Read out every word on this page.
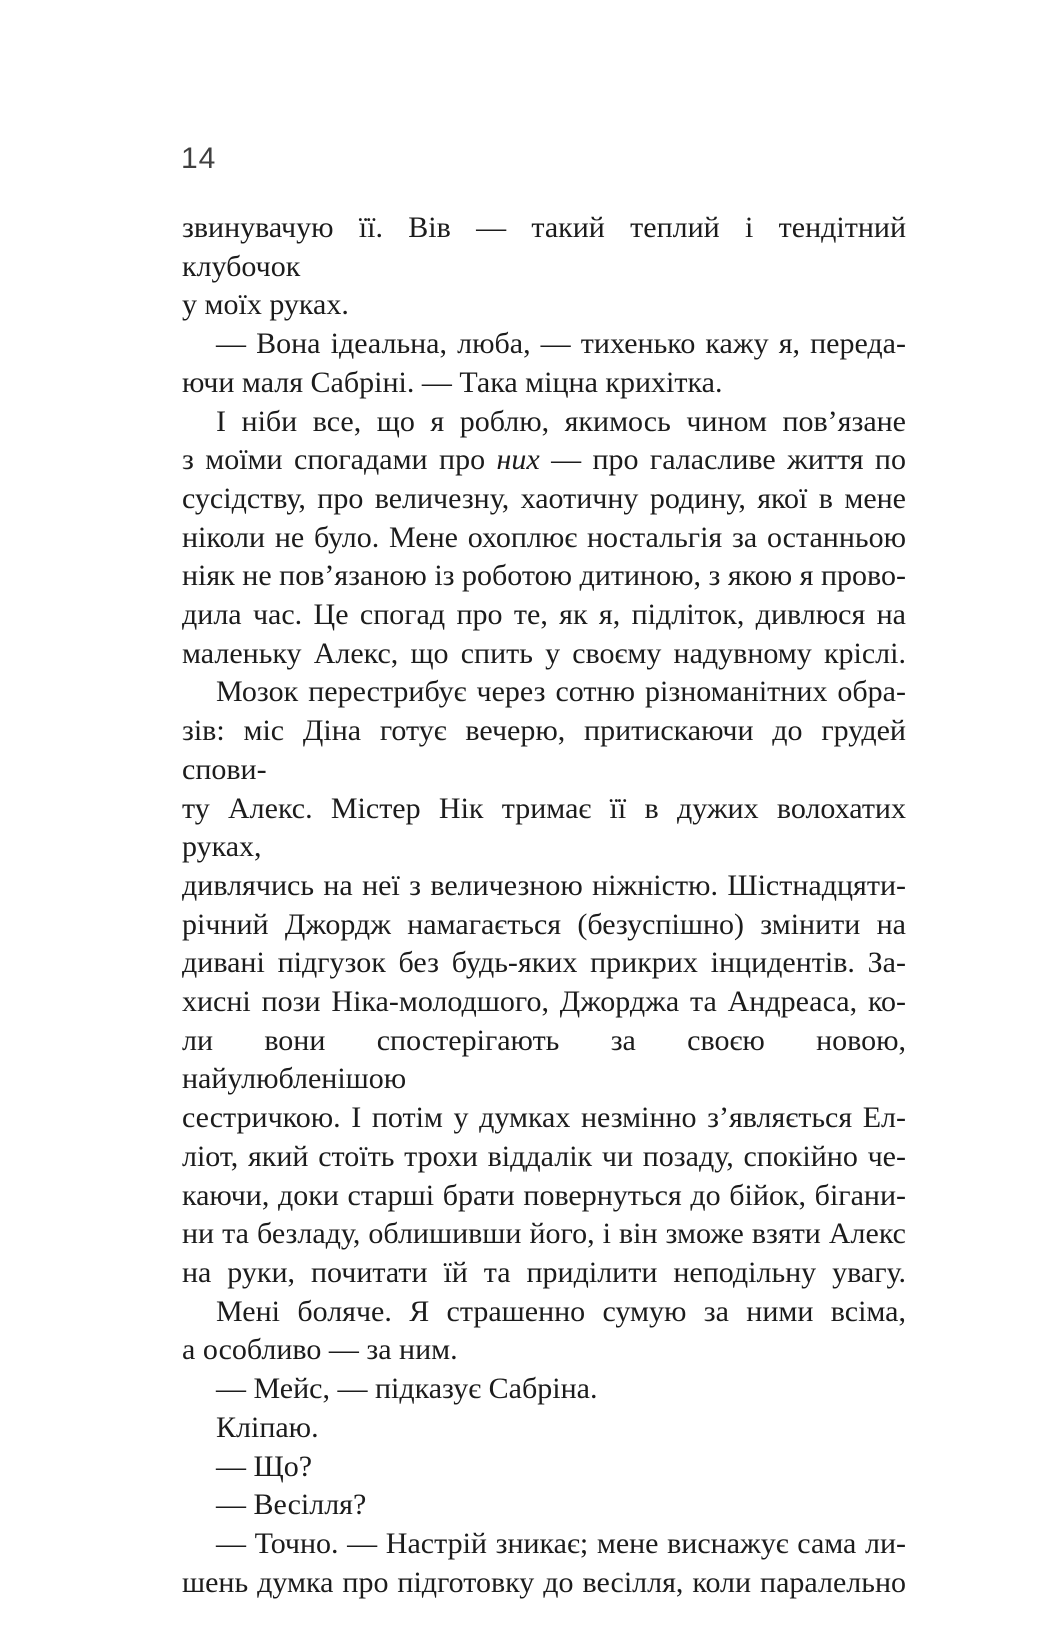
14
звинувачую її. Вів — такий теплий і тендітний клубочок
у моїх руках.
— Вона ідеальна, люба, — тихенько кажу я, переда-
ючи маля Сабріні. — Така міцна крихітка.
І ніби все, що я роблю, якимось чином пов’язане
з моїми спогадами про них — про галасливе життя по
сусідству, про величезну, хаотичну родину, якої в мене
ніколи не було. Мене охоплює ностальгія за останньою
ніяк не пов’язаною із роботою дитиною, з якою я прово-
дила час. Це спогад про те, як я, підліток, дивлюся на
маленьку Алекс, що спить у своєму надувному кріслі.
Мозок перестрибує через сотню різноманітних обра-
зів: міс Діна готує вечерю, притискаючи до грудей спови-
ту Алекс. Містер Нік тримає її в дужих волохатих руках,
дивлячись на неї з величезною ніжністю. Шістнадцяти-
річний Джордж намагається (безуспішно) змінити на
дивані підгузок без будь-яких прикрих інцидентів. За-
хисні пози Ніка-молодшого, Джорджа та Андреаса, ко-
ли вони спостерігають за своєю новою, найулюбленішою
сестричкою. І потім у думках незмінно з’являється Ел-
ліот, який стоїть трохи віддалік чи позаду, спокійно че-
каючи, доки старші брати повернуться до бійок, бігани-
ни та безладу, облишивши його, і він зможе взяти Алекс
на руки, почитати їй та приділити неподільну увагу.
Мені боляче. Я страшенно сумую за ними всіма,
а особливо — за ним.
— Мейс, — підказує Сабріна.
Кліпаю.
— Що?
— Весілля?
— Точно. — Настрій зникає; мене виснажує сама ли-
шень думка про підготовку до весілля, коли паралельно
